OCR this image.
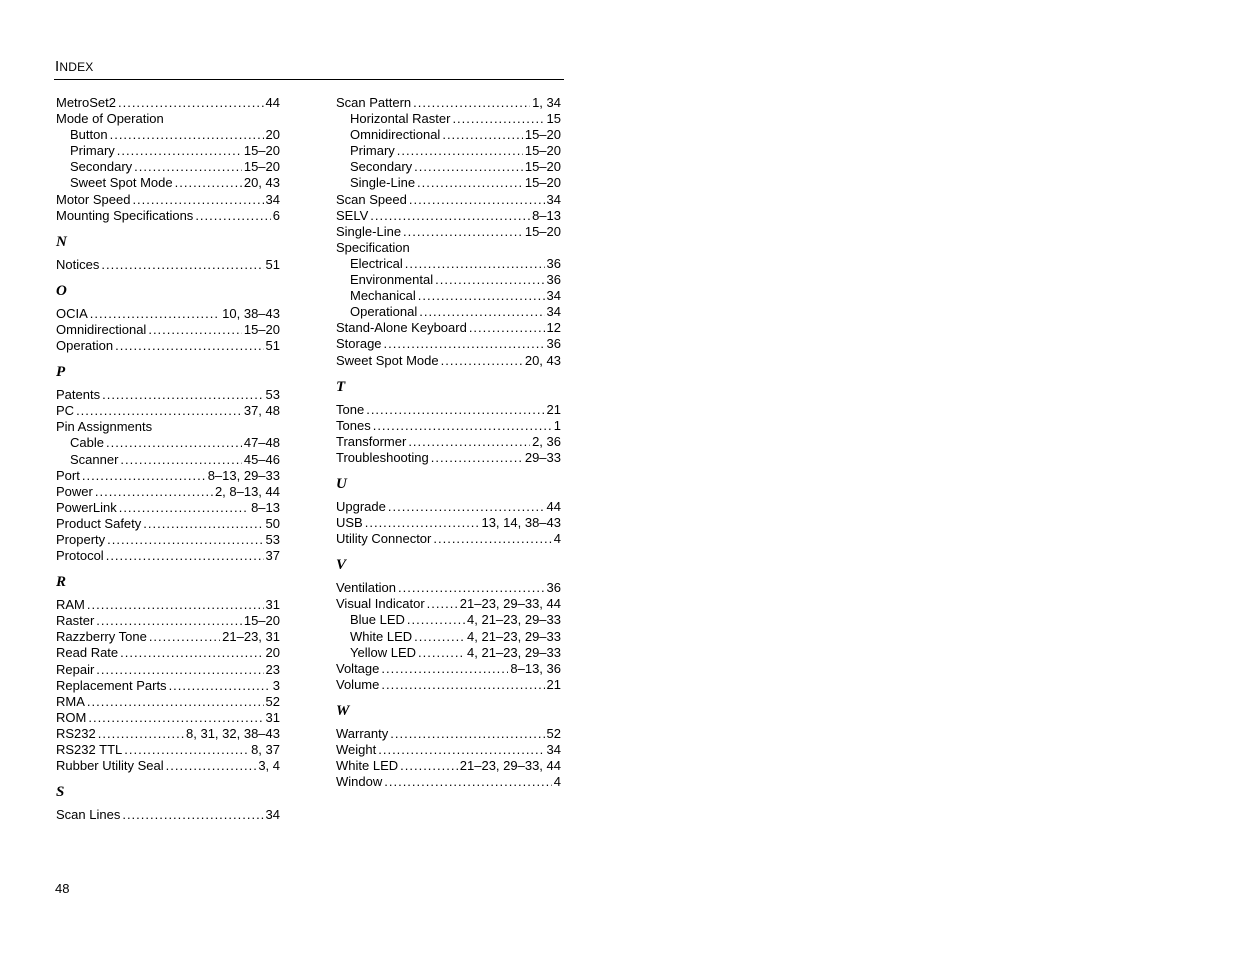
INDEX
MetroSet2 .....	44
Mode of Operation
Button .....	20
Primary .....	15–20
Secondary .....	15–20
Sweet Spot Mode .....	20, 43
Motor Speed .....	34
Mounting Specifications .....	6
N
Notices .....	51
O
OCIA .....	10, 38–43
Omnidirectional .....	15–20
Operation .....	51
P
Patents .....	53
PC .....	37, 48
Pin Assignments
Cable .....	47–48
Scanner .....	45–46
Port .....	8–13, 29–33
Power .....	2, 8–13, 44
PowerLink .....	8–13
Product Safety .....	50
Property .....	53
Protocol .....	37
R
RAM .....	31
Raster .....	15–20
Razzberry Tone .....	21–23, 31
Read Rate .....	20
Repair .....	23
Replacement Parts .....	3
RMA .....	52
ROM .....	31
RS232 .....	8, 31, 32, 38–43
RS232 TTL .....	8, 37
Rubber Utility Seal .....	3, 4
S
Scan Lines .....	34
Scan Pattern .....	1, 34
Horizontal Raster .....	15
Omnidirectional .....	15–20
Primary .....	15–20
Secondary .....	15–20
Single-Line .....	15–20
Scan Speed .....	34
SELV .....	8–13
Single-Line .....	15–20
Specification
Electrical .....	36
Environmental .....	36
Mechanical .....	34
Operational .....	34
Stand-Alone Keyboard .....	12
Storage .....	36
Sweet Spot Mode .....	20, 43
T
Tone .....	21
Tones .....	1
Transformer .....	2, 36
Troubleshooting .....	29–33
U
Upgrade .....	44
USB .....	13, 14, 38–43
Utility Connector .....	4
V
Ventilation .....	36
Visual Indicator .....	21–23, 29–33, 44
Blue LED .....	4, 21–23, 29–33
White LED .....	4, 21–23, 29–33
Yellow LED .....	4, 21–23, 29–33
Voltage .....	8–13, 36
Volume .....	21
W
Warranty .....	52
Weight .....	34
White LED .....	21–23, 29–33, 44
Window .....	4
48
